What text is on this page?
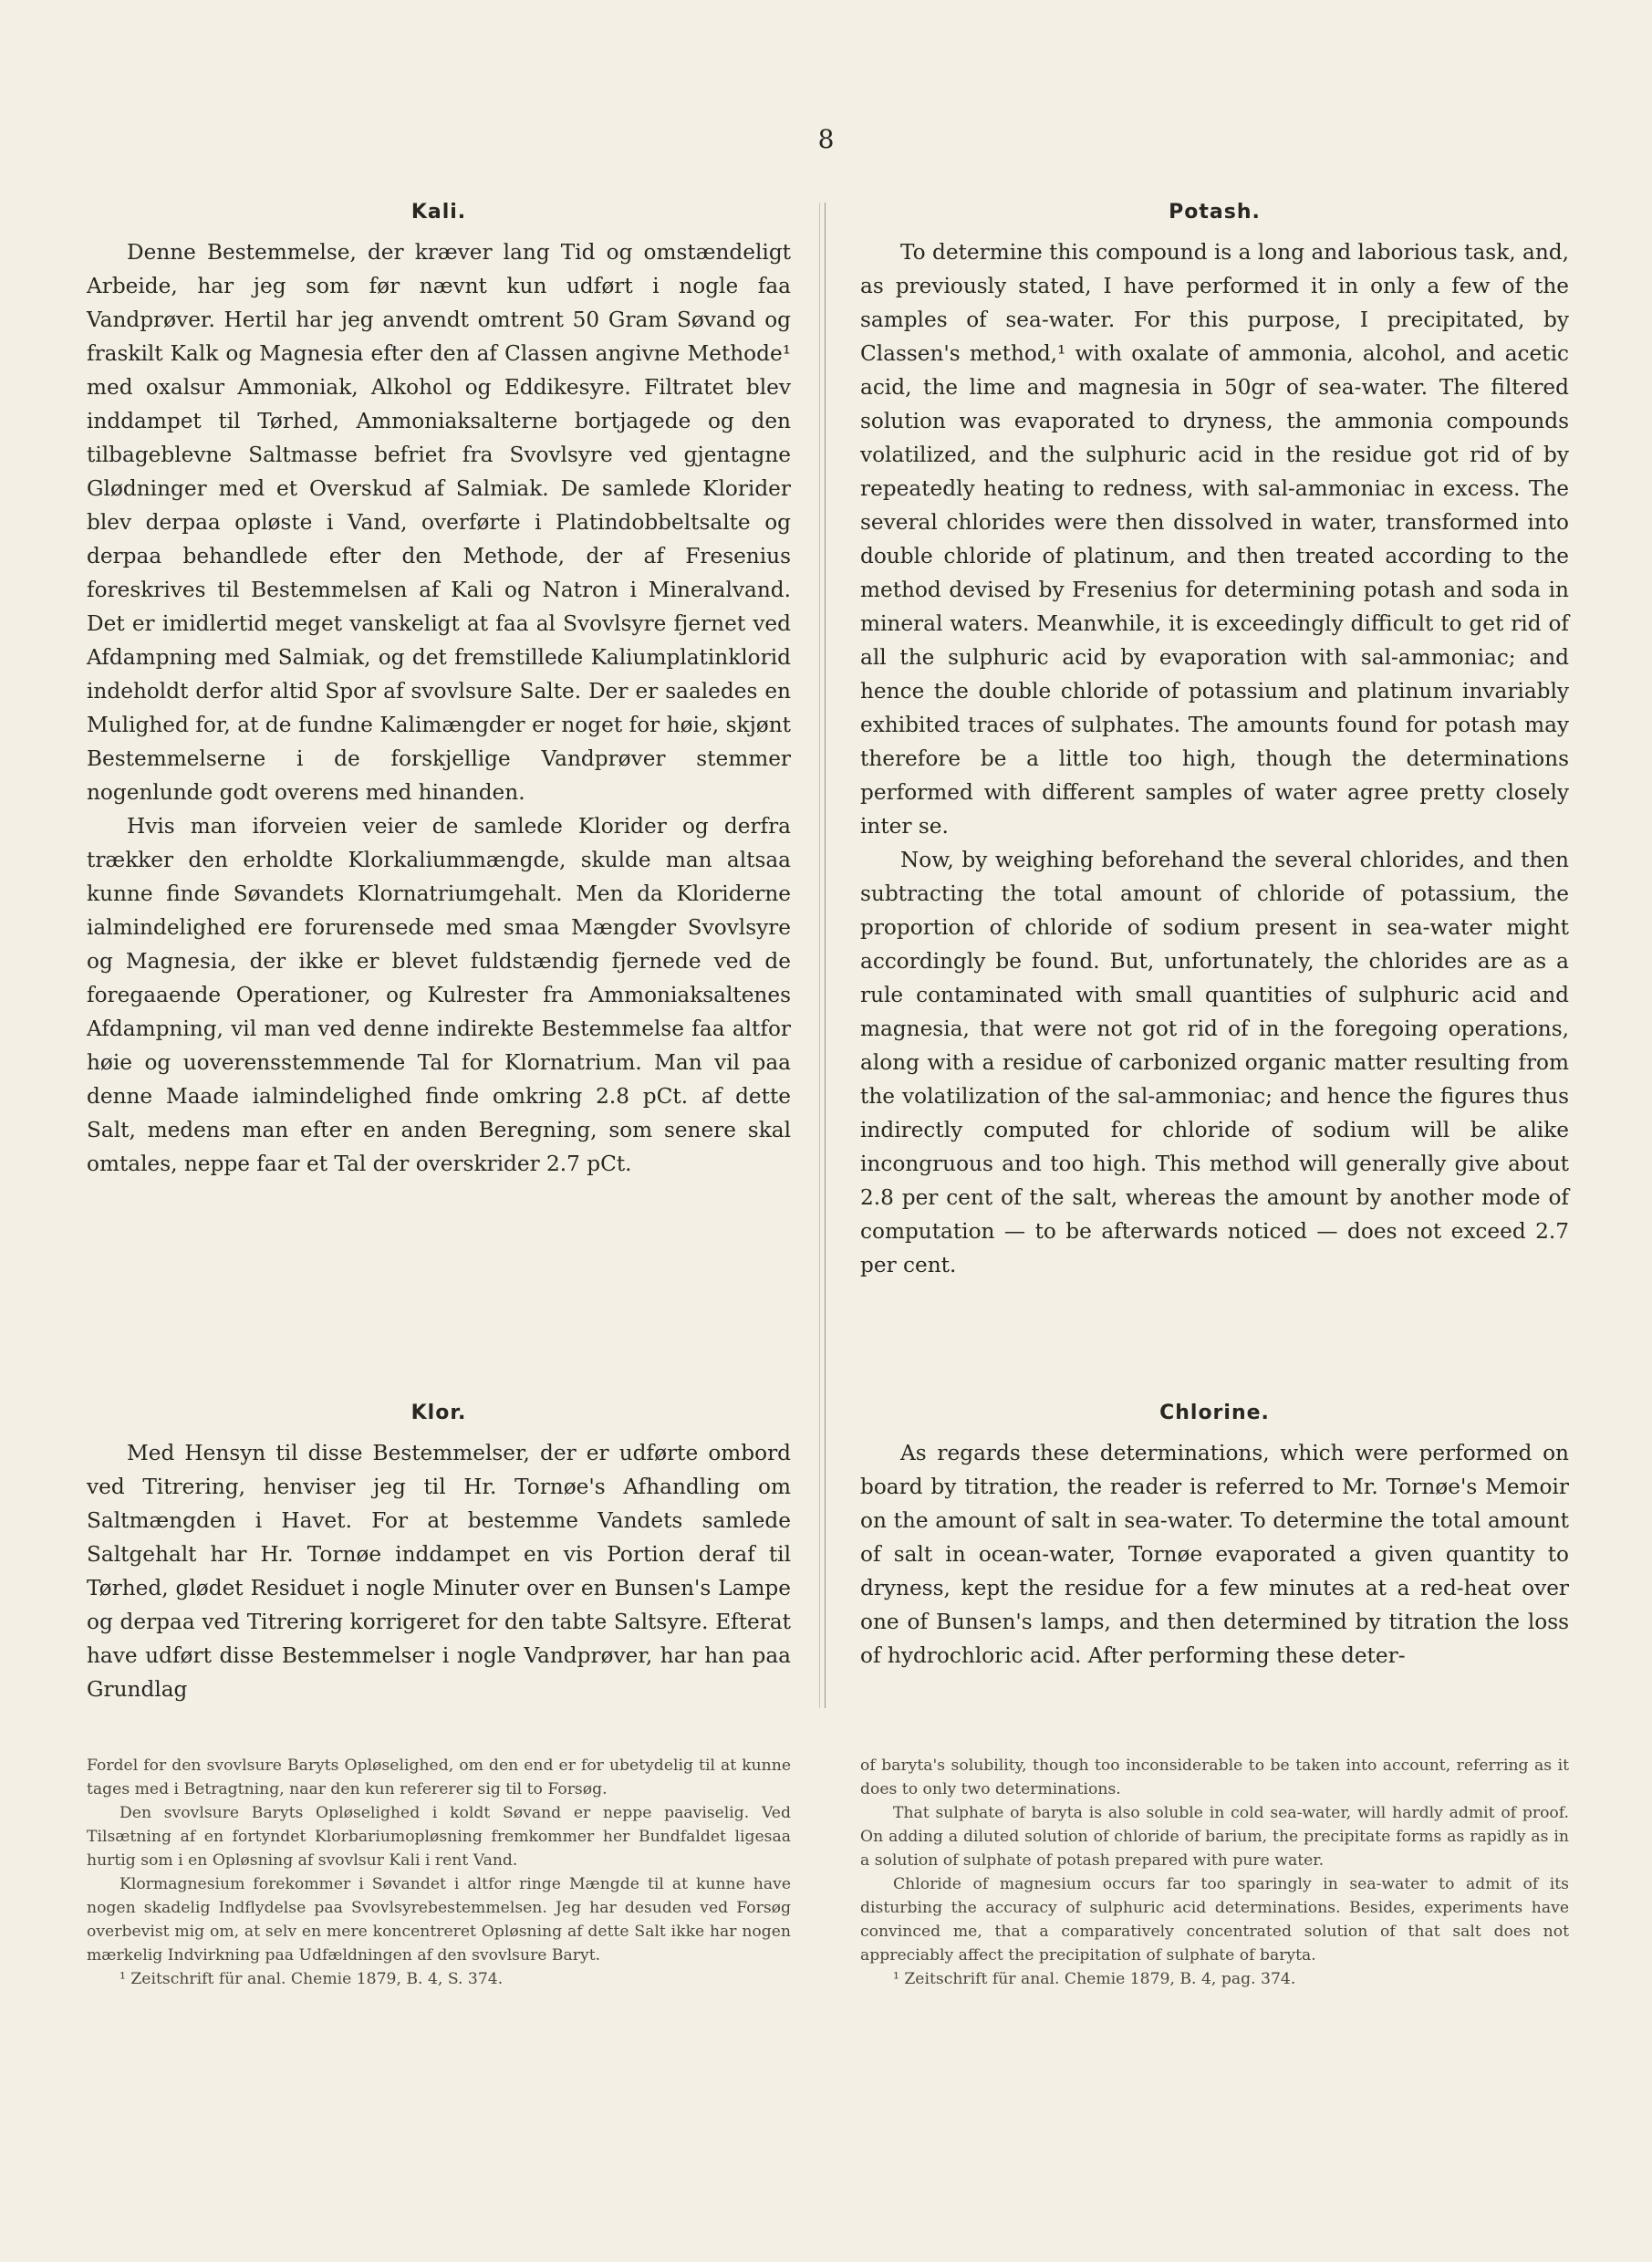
8
Kali.

Denne Bestemmelse, der kræver lang Tid og omstændeligt Arbeide, har jeg som før nævnt kun udført i nogle faa Vandprøver. Hertil har jeg anvendt omtrent 50 Gram Søvand og fraskilt Kalk og Magnesia efter den af Classen angivne Methode¹ med oxalsur Ammoniak, Alkohol og Eddikesyre. Filtratet blev inddampet til Tørhed, Ammoniaksalterne bortjagede og den tilbageblevne Saltmasse befriet fra Svovlsyre ved gjentagne Glødninger med et Overskud af Salmiak. De samlede Klorider blev derpaa opløste i Vand, overførte i Platindobbeltsalte og derpaa behandlede efter den Methode, der af Fresenius foreskrives til Bestemmelsen af Kali og Natron i Mineralvand. Det er imidlertid meget vanskeligt at faa al Svovlsyre fjernet ved Afdampning med Salmiak, og det fremstillede Kaliumplatinklorid indeholdt derfor altid Spor af svovlsure Salte. Der er saaledes en Mulighed for, at de fundne Kalimængder er noget for høie, skjønt Bestemmelserne i de forskjellige Vandprøver stemmer nogenlunde godt overens med hinanden.

Hvis man iforveien veier de samlede Klorider og derfra trækker den erholdte Klorkaliummængde, skulde man altsaa kunne finde Søvandets Klornatriumgehalt. Men da Kloriderne ialmindelighed ere forurensede med smaa Mængder Svovlsyre og Magnesia, der ikke er blevet fuldstændig fjernede ved de foregaaende Operationer, og Kulrester fra Ammoniaksaltenes Afdampning, vil man ved denne indirekte Bestemmelse faa altfor høie og uoverensstemmende Tal for Klornatrium. Man vil paa denne Maade ialmindelighed finde omkring 2.8 pCt. af dette Salt, medens man efter en anden Beregning, som senere skal omtales, neppe faar et Tal der overskrider 2.7 pCt.

Klor.

Med Hensyn til disse Bestemmelser, der er udførte ombord ved Titrering, henviser jeg til Hr. Tornøe's Afhandling om Saltmængden i Havet. For at bestemme Vandets samlede Saltgehalt har Hr. Tornøe inddampet en vis Portion deraf til Tørhed, glødet Residuet i nogle Minuter over en Bunsen's Lampe og derpaa ved Titrering korrigeret for den tabte Saltsyre. Efterat have udført disse Bestemmelser i nogle Vandprøver, har han paa Grundlag

Fordel for den svovlsure Baryts Opløselighed, om den end er for ubetydelig til at kunne tages med i Betragtning, naar den kun refererer sig til to Forsøg.

Den svovlsure Baryts Opløselighed i koldt Søvand er neppe paaviselig. Ved Tilsætning af en fortyndet Klorbariumopløsning fremkommer her Bundfaldet ligesaa hurtig som i en Opløsning af svovlsur Kali i rent Vand.

Klormagnesium forekommer i Søvandet i altfor ringe Mængde til at kunne have nogen skadelig Indflydelse paa Svovlsyrebestemmelsen. Jeg har desuden ved Forsøg overbevist mig om, at selv en mere koncentreret Opløsning af dette Salt ikke har nogen mærkelig Indvirkning paa Udfældningen af den svovlsure Baryt.

¹ Zeitschrift für anal. Chemie 1879, B. 4, S. 374.

Potash.

To determine this compound is a long and laborious task, and, as previously stated, I have performed it in only a few of the samples of sea-water. For this purpose, I precipitated, by Classen's method,¹ with oxalate of ammonia, alcohol, and acetic acid, the lime and magnesia in 50gr of sea-water. The filtered solution was evaporated to dryness, the ammonia compounds volatilized, and the sulphuric acid in the residue got rid of by repeatedly heating to redness, with sal-ammoniac in excess. The several chlorides were then dissolved in water, transformed into double chloride of platinum, and then treated according to the method devised by Fresenius for determining potash and soda in mineral waters. Meanwhile, it is exceedingly difficult to get rid of all the sulphuric acid by evaporation with sal-ammoniac; and hence the double chloride of potassium and platinum invariably exhibited traces of sulphates. The amounts found for potash may therefore be a little too high, though the determinations performed with different samples of water agree pretty closely inter se.

Now, by weighing beforehand the several chlorides, and then subtracting the total amount of chloride of potassium, the proportion of chloride of sodium present in sea-water might accordingly be found. But, unfortunately, the chlorides are as a rule contaminated with small quantities of sulphuric acid and magnesia, that were not got rid of in the foregoing operations, along with a residue of carbonized organic matter resulting from the volatilization of the sal-ammoniac; and hence the figures thus indirectly computed for chloride of sodium will be alike incongruous and too high. This method will generally give about 2.8 per cent of the salt, whereas the amount by another mode of computation — to be afterwards noticed — does not exceed 2.7 per cent.

Chlorine.

As regards these determinations, which were performed on board by titration, the reader is referred to Mr. Tornøe's Memoir on the amount of salt in sea-water. To determine the total amount of salt in ocean-water, Tornøe evaporated a given quantity to dryness, kept the residue for a few minutes at a red-heat over one of Bunsen's lamps, and then determined by titration the loss of hydrochloric acid. After performing these deter-

of baryta's solubility, though too inconsiderable to be taken into account, referring as it does to only two determinations.

That sulphate of baryta is also soluble in cold sea-water, will hardly admit of proof. On adding a diluted solution of chloride of barium, the precipitate forms as rapidly as in a solution of sulphate of potash prepared with pure water.

Chloride of magnesium occurs far too sparingly in sea-water to admit of its disturbing the accuracy of sulphuric acid determinations. Besides, experiments have convinced me, that a comparatively concentrated solution of that salt does not appreciably affect the precipitation of sulphate of baryta.

¹ Zeitschrift für anal. Chemie 1879, B. 4, pag. 374.
